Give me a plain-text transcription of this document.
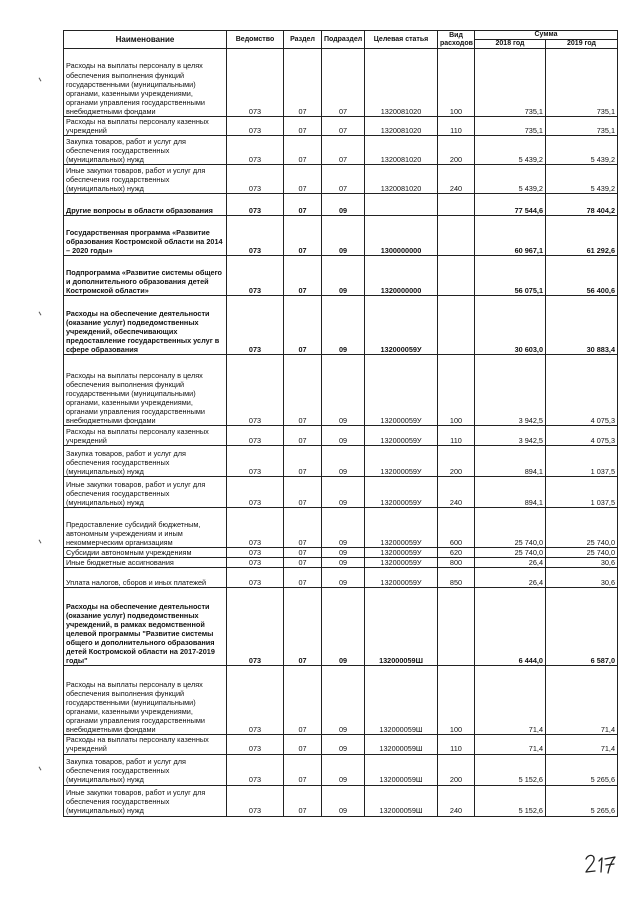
Наименование	Ведомство	Раздел	Подраздел	Целевая статья	Вид расходов	Сумма	
						2018 год	2019 год
Расходы на выплаты персоналу в целях обеспечения выполнения функций государственными (муниципальными) органами, казенными учреждениями, органами управления государственными внебюджетными фондами	073	07	07	1320081020	100	735,1	735,1
Расходы на выплаты персоналу казенных учреждений	073	07	07	1320081020	110	735,1	735,1
Закупка товаров, работ и услуг для обеспечения государственных (муниципальных) нужд	073	07	07	1320081020	200	5 439,2	5 439,2
Иные закупки товаров, работ и услуг для обеспечения государственных (муниципальных) нужд	073	07	07	1320081020	240	5 439,2	5 439,2
Другие вопросы в области образования	073	07	09			77 544,6	78 404,2
Государственная программа «Развитие образования Костромской области на 2014 – 2020 годы»	073	07	09	1300000000		60 967,1	61 292,6
Подпрограмма «Развитие системы общего и дополнительного образования детей Костромской области»	073	07	09	1320000000		56 075,1	56 400,6
Расходы на обеспечение деятельности (оказание услуг) подведомственных учреждений, обеспечивающих предоставление государственных услуг в сфере образования	073	07	09	132000059У		30 603,0	30 883,4
Расходы на выплаты персоналу в целях обеспечения выполнения функций государственными (муниципальными) органами, казенными учреждениями, органами управления государственными внебюджетными фондами	073	07	09	132000059У	100	3 942,5	4 075,3
Расходы на выплаты персоналу казенных учреждений	073	07	09	132000059У	110	3 942,5	4 075,3
Закупка товаров, работ и услуг для обеспечения государственных (муниципальных) нужд	073	07	09	132000059У	200	894,1	1 037,5
Иные закупки товаров, работ и услуг для обеспечения государственных (муниципальных) нужд	073	07	09	132000059У	240	894,1	1 037,5
Предоставление субсидий бюджетным, автономным учреждениям и иным некоммерческим организациям	073	07	09	132000059У	600	25 740,0	25 740,0
Субсидии автономным учреждениям	073	07	09	132000059У	620	25 740,0	25 740,0
Иные бюджетные ассигнования	073	07	09	132000059У	800	26,4	30,6
Уплата налогов, сборов и иных платежей	073	07	09	132000059У	850	26,4	30,6
Расходы на обеспечение деятельности (оказание услуг) подведомственных учреждений, в рамках ведомственной целевой программы "Развитие системы общего и дополнительного образования детей Костромской области на 2017-2019 годы"	073	07	09	132000059Ш		6 444,0	6 587,0
Расходы на выплаты персоналу в целях обеспечения выполнения функций государственными (муниципальными) органами, казенными учреждениями, органами управления государственными внебюджетными фондами	073	07	09	132000059Ш	100	71,4	71,4
Расходы на выплаты персоналу казенных учреждений	073	07	09	132000059Ш	110	71,4	71,4
Закупка товаров, работ и услуг для обеспечения государственных (муниципальных) нужд	073	07	09	132000059Ш	200	5 152,6	5 265,6
Иные закупки товаров, работ и услуг для обеспечения государственных (муниципальных) нужд	073	07	09	132000059Ш	240	5 152,6	5 265,6
